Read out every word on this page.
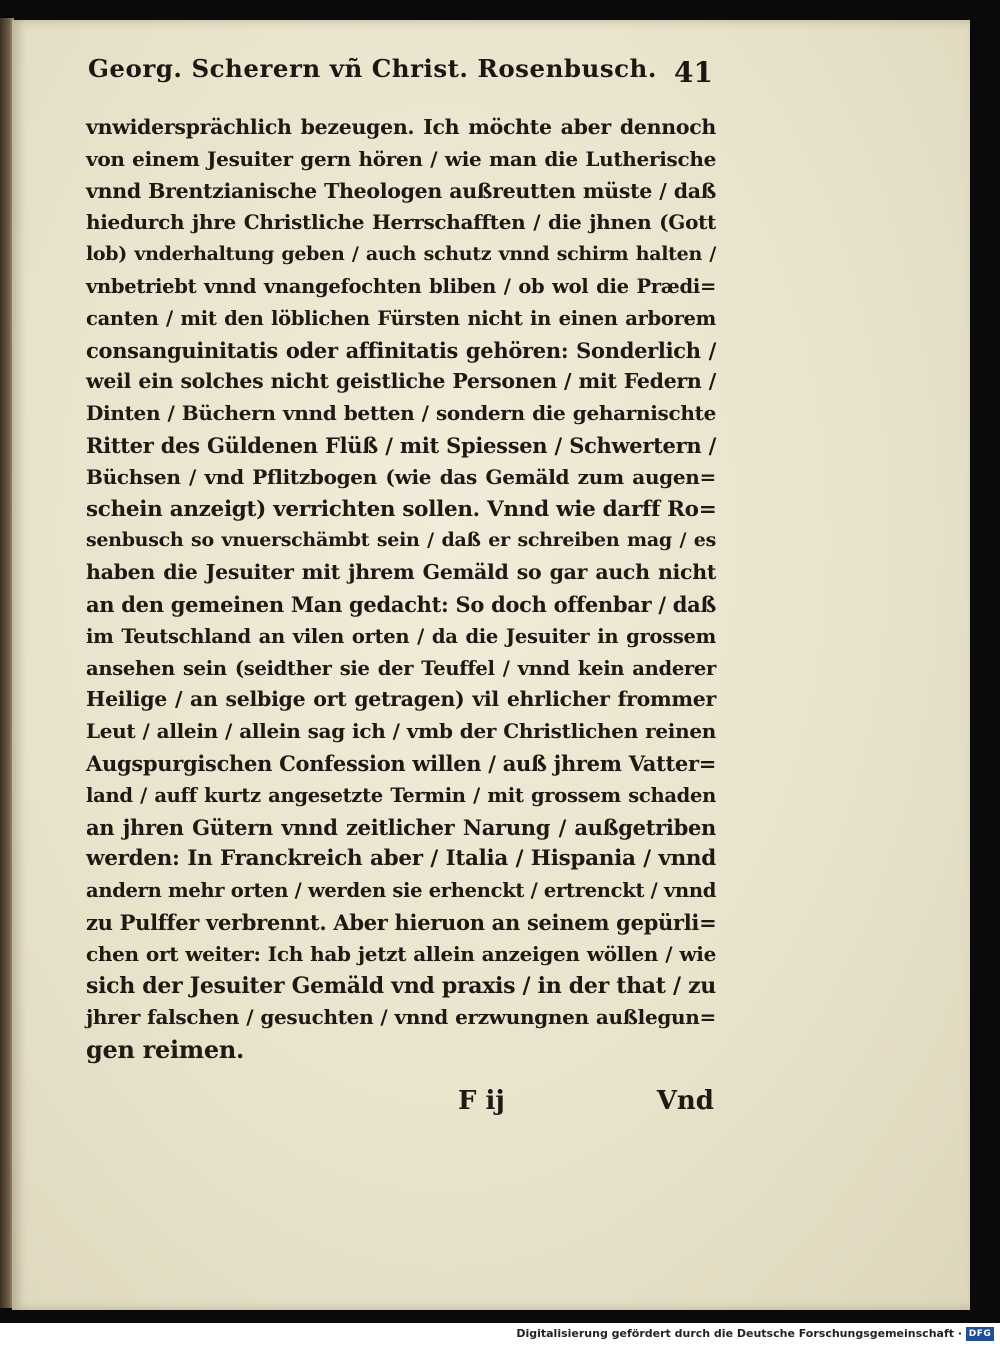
Georg. Scherern vñ Christ. Rosenbusch. 41
vnwidersprächlich bezeugen. Ich möchte aber dennoch
von einem Jesuiter gern hören / wie man die Lutherische
vnnd Brentzianische Theologen außreutten müste / daß
hiedurch jhre Christliche Herrschafften / die jhnen (Gott
lob) vnderhaltung geben / auch schutz vnnd schirm halten /
vnbetriebt vnnd vnangefochten bliben / ob wol die Prædi=
canten / mit den löblichen Fürsten nicht in einen arborem
consanguinitatis oder affinitatis gehören: Sonderlich /
weil ein solches nicht geistliche Personen / mit Federn /
Dinten / Büchern vnnd betten / sondern die geharnischte
Ritter des Güldenen Flüß / mit Spiessen / Schwertern /
Büchsen / vnd Pflitzbogen (wie das Gemäld zum augen=
schein anzeigt) verrichten sollen. Vnnd wie darff Ro=
senbusch so vnuerschämbt sein / daß er schreiben mag / es
haben die Jesuiter mit jhrem Gemäld so gar auch nicht
an den gemeinen Man gedacht: So doch offenbar / daß
im Teutschland an vilen orten / da die Jesuiter in grossem
ansehen sein (seidther sie der Teuffel / vnnd kein anderer
Heilige / an selbige ort getragen) vil ehrlicher frommer
Leut / allein / allein sag ich / vmb der Christlichen reinen
Augspurgischen Confession willen / auß jhrem Vatter=
land / auff kurtz angesetzte Termin / mit grossem schaden
an jhren Gütern vnnd zeitlicher Narung / außgetriben
werden: In Franckreich aber / Italia / Hispania / vnnd
andern mehr orten / werden sie erhenckt / ertrenckt / vnnd
zu Pulffer verbrennt. Aber hieruon an seinem gepürli=
chen ort weiter: Ich hab jetzt allein anzeigen wöllen / wie
sich der Jesuiter Gemäld vnd praxis / in der that / zu
jhrer falschen / gesuchten / vnnd erzwungnen außlegun=
gen reimen.
F ij	Vnd
Digitalisierung gefördert durch die Deutsche Forschungsgemeinschaft · DFG
